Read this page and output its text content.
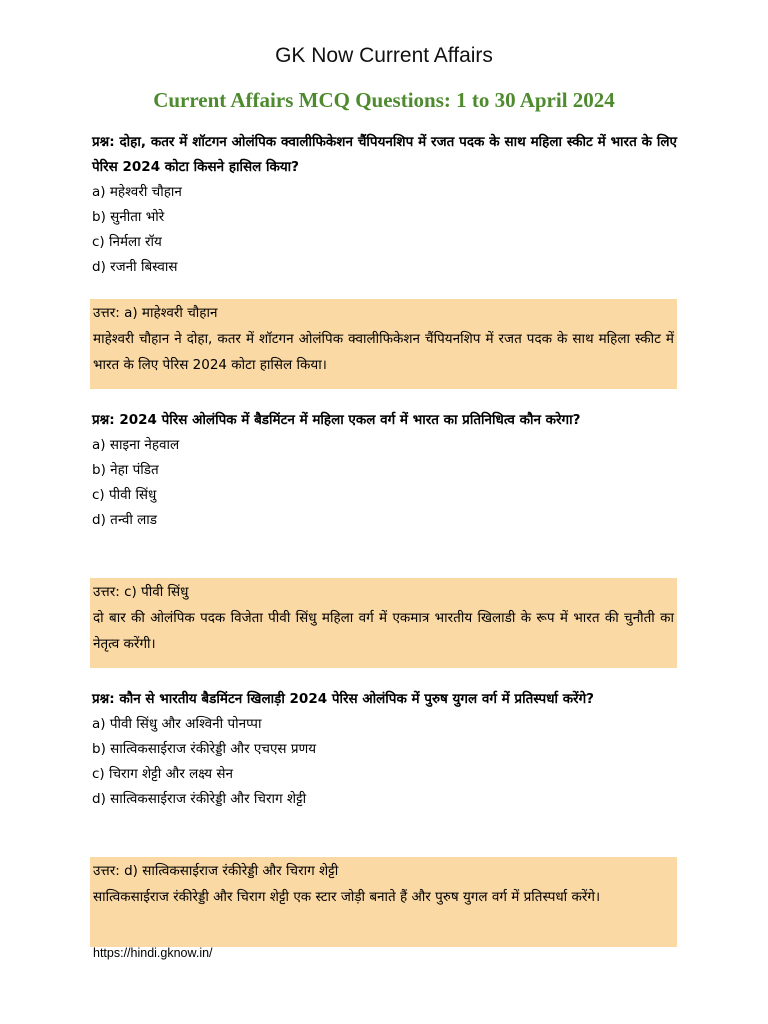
GK Now Current Affairs
Current Affairs MCQ Questions: 1 to 30 April 2024
प्रश्न: दोहा, कतर में शॉटगन ओलंपिक क्वालीफिकेशन चैंपियनशिप में रजत पदक के साथ महिला स्कीट में भारत के लिए पेरिस 2024 कोटा किसने हासिल किया?
a) महेश्वरी चौहान
b) सुनीता भोरे
c) निर्मला रॉय
d) रजनी बिस्वास
उत्तर: a) माहेश्वरी चौहान
माहेश्वरी चौहान ने दोहा, कतर में शॉटगन ओलंपिक क्वालीफिकेशन चैंपियनशिप में रजत पदक के साथ महिला स्कीट में भारत के लिए पेरिस 2024 कोटा हासिल किया।
प्रश्न: 2024 पेरिस ओलंपिक में बैडमिंटन में महिला एकल वर्ग में भारत का प्रतिनिधित्व कौन करेगा?
a) साइना नेहवाल
b) नेहा पंडित
c) पीवी सिंधु
d) तन्वी लाड
उत्तर: c) पीवी सिंधु
दो बार की ओलंपिक पदक विजेता पीवी सिंधु महिला वर्ग में एकमात्र भारतीय खिलाडी के रूप में भारत की चुनौती का नेतृत्व करेंगी।
प्रश्न: कौन से भारतीय बैडमिंटन खिलाड़ी 2024 पेरिस ओलंपिक में पुरुष युगल वर्ग में प्रतिस्पर्धा करेंगे?
a) पीवी सिंधु और अश्विनी पोनप्पा
b) सात्विकसाईराज रंकीरेड्डी और एचएस प्रणय
c) चिराग शेट्टी और लक्ष्य सेन
d) सात्विकसाईराज रंकीरेड्डी और चिराग शेट्टी
उत्तर: d) सात्विकसाईराज रंकीरेड्डी और चिराग शेट्टी
सात्विकसाईराज रंकीरेड्डी और चिराग शेट्टी एक स्टार जोड़ी बनाते हैं और पुरुष युगल वर्ग में प्रतिस्पर्धा करेंगे।
https://hindi.gknow.in/
